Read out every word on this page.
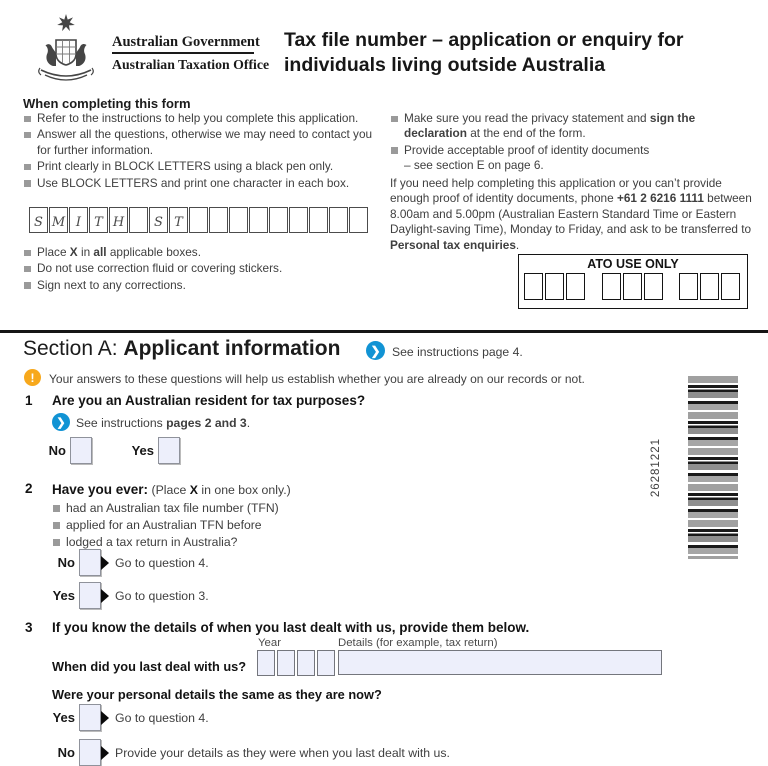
Australian Government
Australian Taxation Office
Tax file number – application or enquiry for
individuals living outside Australia
When completing this form
Refer to the instructions to help you complete this application.
Answer all the questions, otherwise we may need to contact you for further information.
Print clearly in BLOCK LETTERS using a black pen only.
Use BLOCK LETTERS and print one character in each box.
S M I	T H	S T
Place X in all applicable boxes.
Do not use correction fluid or covering stickers.
Sign next to any corrections.
Make sure you read the privacy statement and sign the declaration at the end of the form.
Provide acceptable proof of identity documents
– see section E on page 6.
If you need help completing this application or you can’t provide enough proof of identity documents, phone +61 2 6216 1111 between 8.00am and 5.00pm (Australian Eastern Standard Time or Eastern Daylight-saving Time), Monday to Friday, and ask to be transferred to Personal tax enquiries.
ATO USE ONLY
Section A: Applicant information	❯ See instructions page 4.
!	Your answers to these questions will help us establish whether you are already on our records or not.
1 Are you an Australian resident for tax purposes?
❯ See instructions pages 2 and 3.
No	Yes	26281221
2 Have you ever: (Place X in one box only.)
had an Australian tax file number (TFN)
applied for an Australian TFN before
lodged a tax return in Australia?
No	Go to question 4.
Yes	Go to question 3.
3 If you know the details of when you last dealt with us, provide them below.
Year	Details (for example, tax return)
When did you last deal with us?
Were your personal details the same as they are now?
Yes	Go to question 4.
No	Provide your details as they were when you last dealt with us.
